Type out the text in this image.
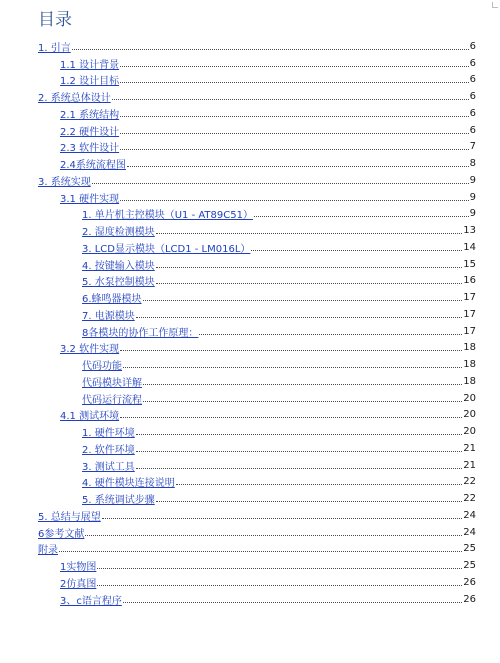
目录
1. 引言	6
1.1 设计背景	6
1.2 设计目标	6
2. 系统总体设计	6
2.1 系统结构	6
2.2 硬件设计	6
2.3 软件设计	7
2.4系统流程图	8
3. 系统实现	9
3.1 硬件实现	9
1. 单片机主控模块（U1 - AT89C51）	9
2. 湿度检测模块	13
3. LCD显示模块（LCD1 - LM016L）	14
4. 按键输入模块	15
5. 水泵控制模块	16
6.蜂鸣器模块	17
7. 电源模块	17
8各模块的协作工作原理：	17
3.2 软件实现	18
代码功能	18
代码模块详解	18
代码运行流程	20
4.1 测试环境	20
1. 硬件环境	20
2. 软件环境	21
3. 测试工具	21
4. 硬件模块连接说明	22
5. 系统调试步骤	22
5. 总结与展望	24
6参考文献	24
附录	25
1实物图	25
2仿真图	26
3、c语言程序	26
